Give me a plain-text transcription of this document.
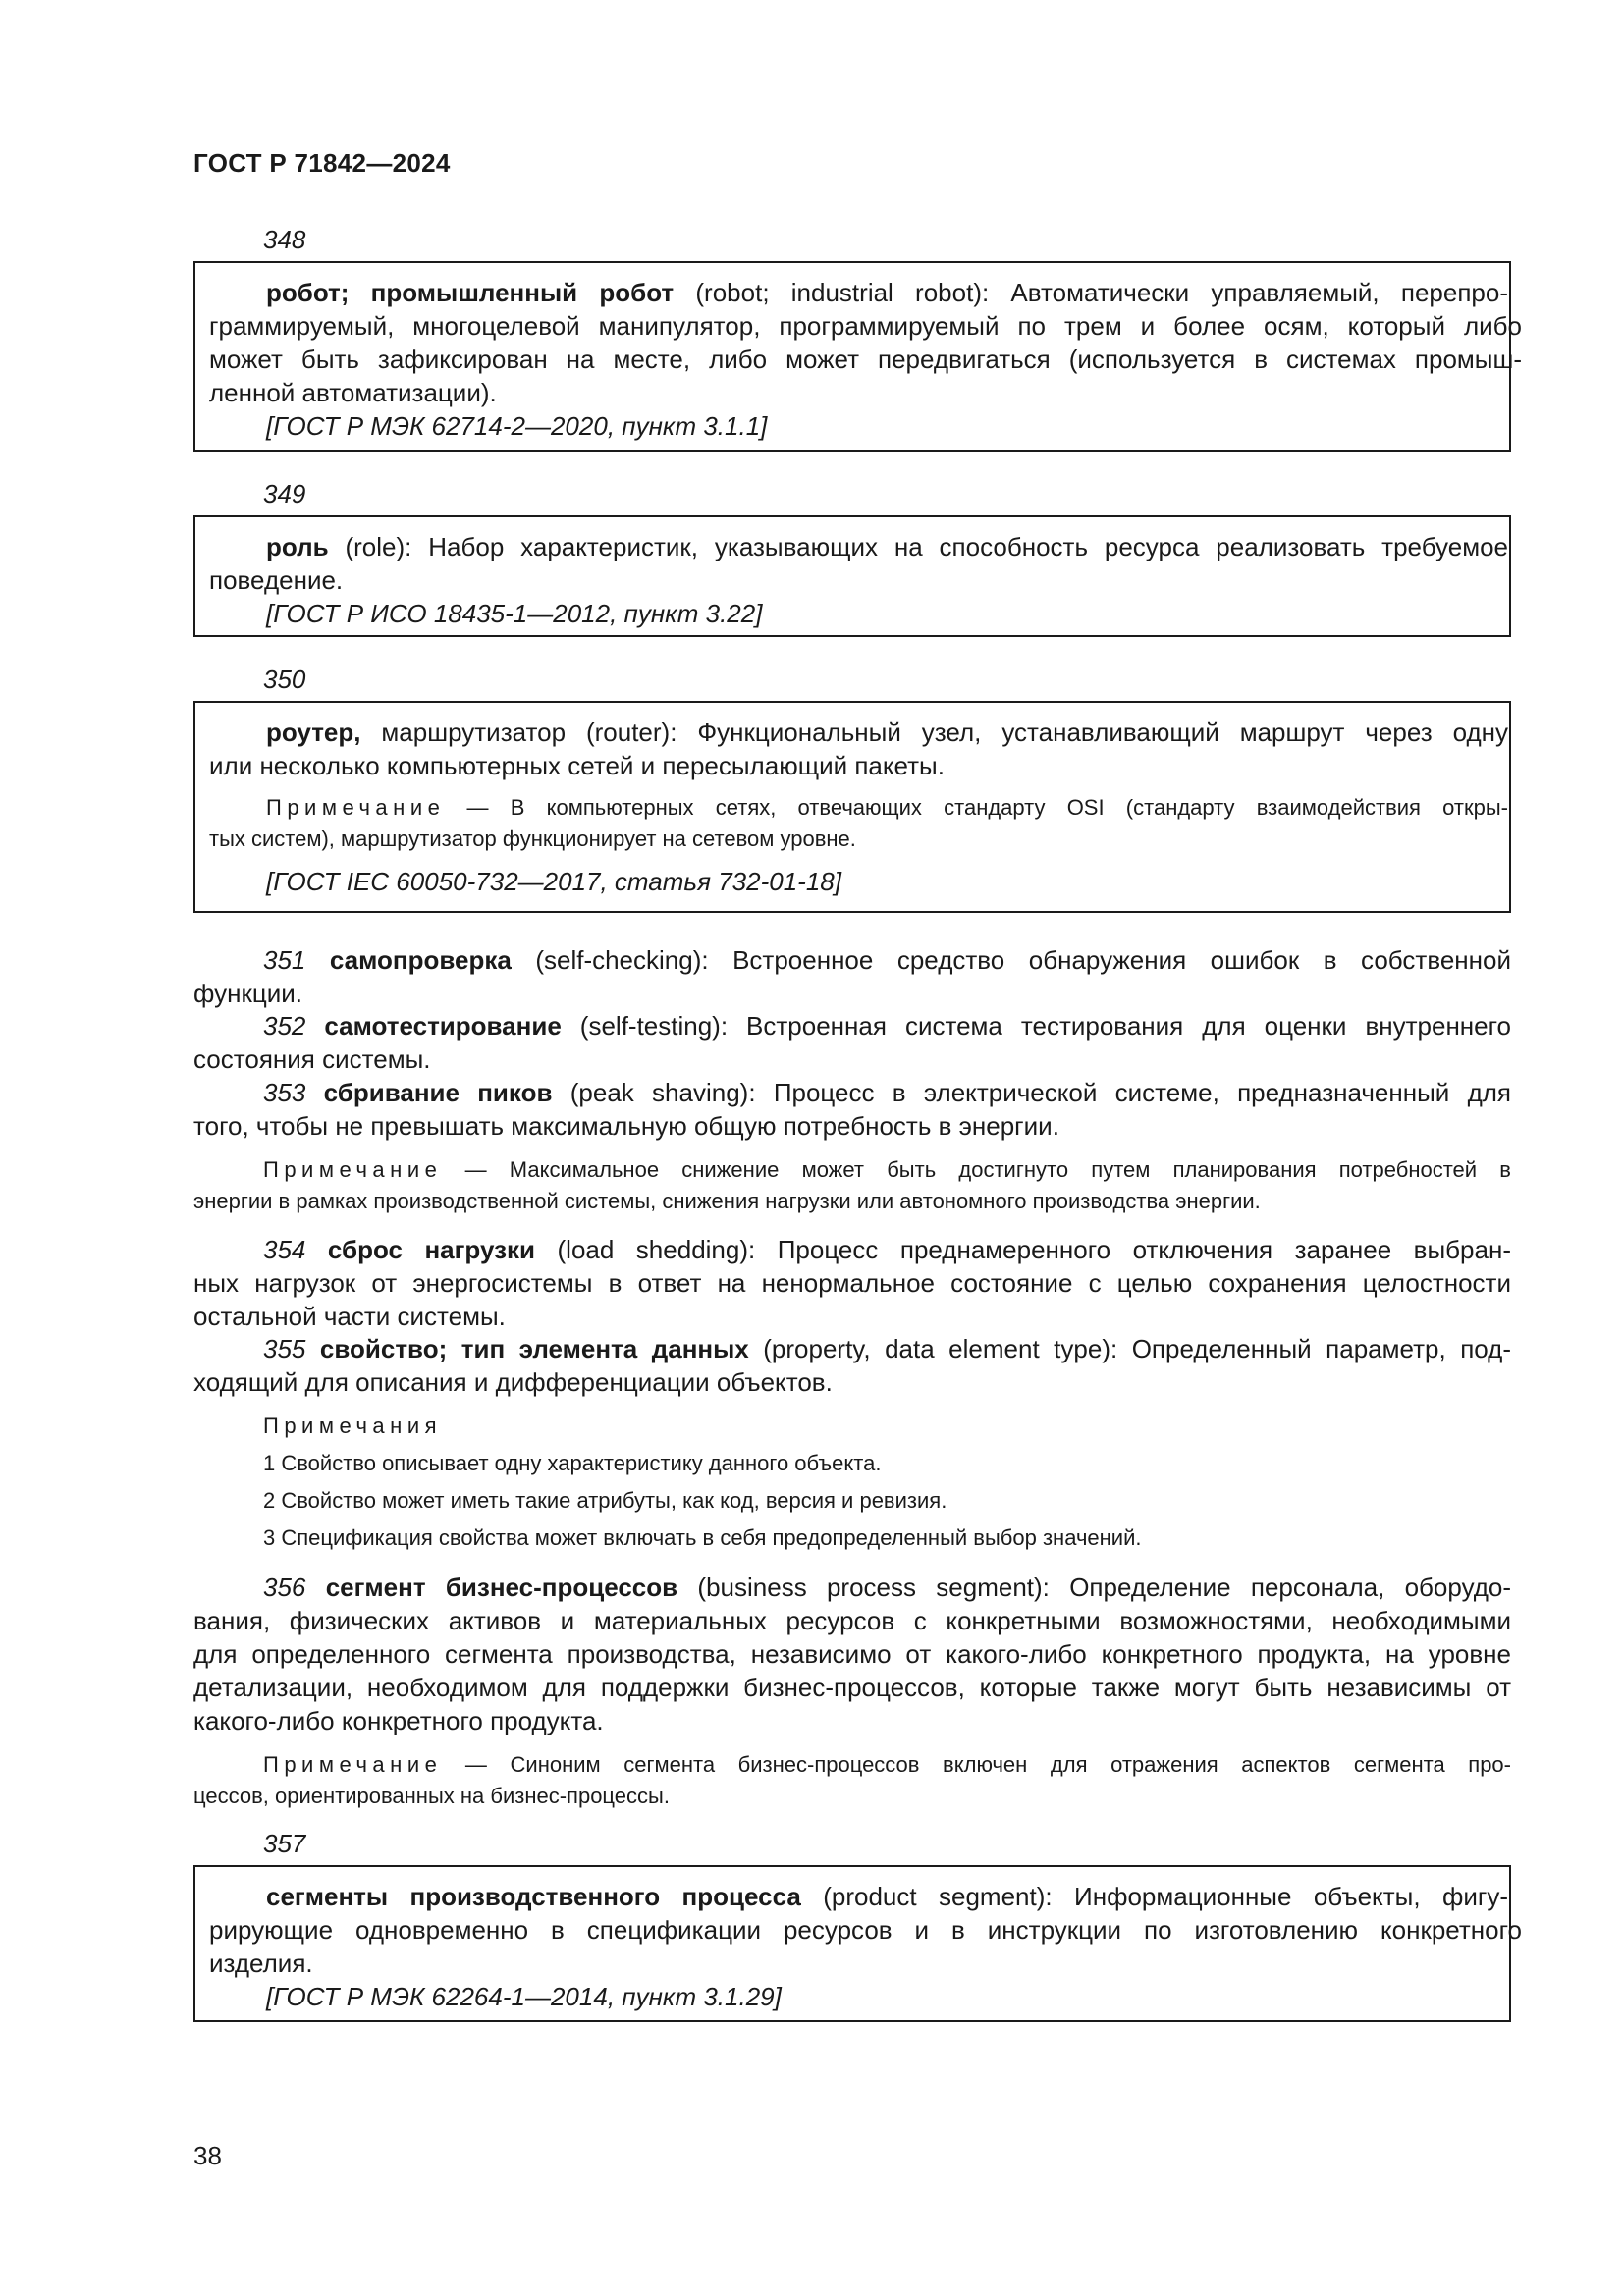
ГОСТ Р 71842—2024
348
робот; промышленный робот (robot; industrial robot): Автоматически управляемый, перепро-
граммируемый, многоцелевой манипулятор, программируемый по трем и более осям, который либо
может быть зафиксирован на месте, либо может передвигаться (используется в системах промыш-
ленной автоматизации).
[ГОСТ Р МЭК 62714-2—2020, пункт 3.1.1]
349
роль (role): Набор характеристик, указывающих на способность ресурса реализовать требуемое
поведение.
[ГОСТ Р ИСО 18435-1—2012, пункт 3.22]
350
роутер, маршрутизатор (router): Функциональный узел, устанавливающий маршрут через одну
или несколько компьютерных сетей и пересылающий пакеты.
Примечание — В компьютерных сетях, отвечающих стандарту OSI (стандарту взаимодействия откры-
тых систем), маршрутизатор функционирует на сетевом уровне.
[ГОСТ IEC 60050-732—2017, статья 732-01-18]
351 самопроверка (self-checking): Встроенное средство обнаружения ошибок в собственной
функции.
352 самотестирование (self-testing): Встроенная система тестирования для оценки внутреннего
состояния системы.
353 сбривание пиков (peak shaving): Процесс в электрической системе, предназначенный для
того, чтобы не превышать максимальную общую потребность в энергии.
Примечание — Максимальное снижение может быть достигнуто путем планирования потребностей в
энергии в рамках производственной системы, снижения нагрузки или автономного производства энергии.
354 сброс нагрузки (load shedding): Процесс преднамеренного отключения заранее выбран-
ных нагрузок от энергосистемы в ответ на ненормальное состояние с целью сохранения целостности
остальной части системы.
355 свойство; тип элемента данных (property, data element type): Определенный параметр, под-
ходящий для описания и дифференциации объектов.
Примечания
1 Свойство описывает одну характеристику данного объекта.
2 Свойство может иметь такие атрибуты, как код, версия и ревизия.
3 Спецификация свойства может включать в себя предопределенный выбор значений.
356 сегмент бизнес-процессов (business process segment): Определение персонала, оборудо-
вания, физических активов и материальных ресурсов с конкретными возможностями, необходимыми
для определенного сегмента производства, независимо от какого-либо конкретного продукта, на уровне
детализации, необходимом для поддержки бизнес-процессов, которые также могут быть независимы от
какого-либо конкретного продукта.
Примечание — Синоним сегмента бизнес-процессов включен для отражения аспектов сегмента про-
цессов, ориентированных на бизнес-процессы.
357
сегменты производственного процесса (product segment): Информационные объекты, фигу-
рирующие одновременно в спецификации ресурсов и в инструкции по изготовлению конкретного
изделия.
[ГОСТ Р МЭК 62264-1—2014, пункт 3.1.29]
38
